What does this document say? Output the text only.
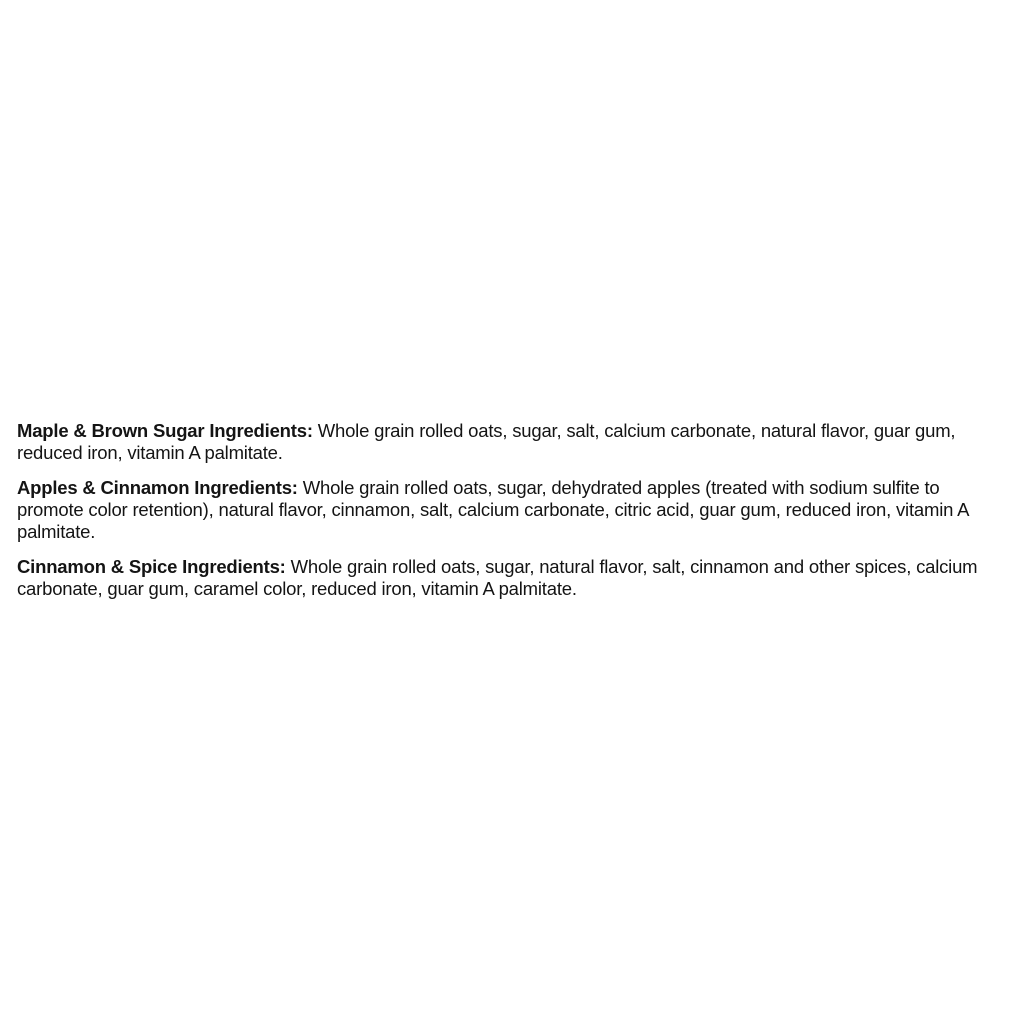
Maple & Brown Sugar Ingredients: Whole grain rolled oats, sugar, salt, calcium carbonate, natural flavor, guar gum, reduced iron, vitamin A palmitate.

Apples & Cinnamon Ingredients: Whole grain rolled oats, sugar, dehydrated apples (treated with sodium sulfite to promote color retention), natural flavor, cinnamon, salt, calcium carbonate, citric acid, guar gum, reduced iron, vitamin A palmitate.

Cinnamon & Spice Ingredients: Whole grain rolled oats, sugar, natural flavor, salt, cinnamon and other spices, calcium carbonate, guar gum, caramel color, reduced iron, vitamin A palmitate.
